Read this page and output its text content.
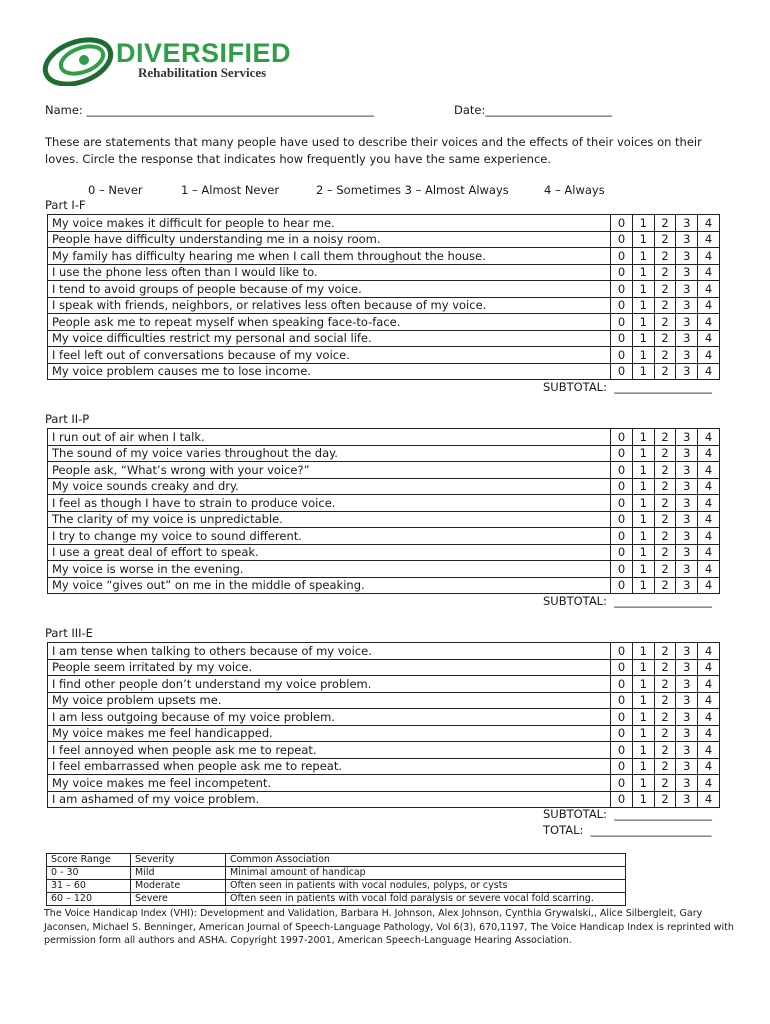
DIVERSIFIED
Rehabilitation Services
Name: __________________________________________________	Date:______________________
These are statements that many people have used to describe their voices and the effects of their voices on their loves. Circle the response that indicates how frequently you have the same experience.
0 – Never	1 – Almost Never	2 – Sometimes 3 – Almost Always	4 – Always
Part I-F
Part II-P
Part III-E
My voice makes it difficult for people to hear me.	0	1	2	3	4
People have difficulty understanding me in a noisy room.	0	1	2	3	4
My family has difficulty hearing me when I call them throughout the house.	0	1	2	3	4
I use the phone less often than I would like to.	0	1	2	3	4
I tend to avoid groups of people because of my voice.	0	1	2	3	4
I speak with friends, neighbors, or relatives less often because of my voice.	0	1	2	3	4
People ask me to repeat myself when speaking face-to-face.	0	1	2	3	4
My voice difficulties restrict my personal and social life.	0	1	2	3	4
I feel left out of conversations because of my voice.	0	1	2	3	4
My voice problem causes me to lose income.	0	1	2	3	4
I run out of air when I talk.	0	1	2	3	4
The sound of my voice varies throughout the day.	0	1	2	3	4
People ask, “What’s wrong with your voice?”	0	1	2	3	4
My voice sounds creaky and dry.	0	1	2	3	4
I feel as though I have to strain to produce voice.	0	1	2	3	4
The clarity of my voice is unpredictable.	0	1	2	3	4
I try to change my voice to sound different.	0	1	2	3	4
I use a great deal of effort to speak.	0	1	2	3	4
My voice is worse in the evening.	0	1	2	3	4
My voice “gives out” on me in the middle of speaking.	0	1	2	3	4
I am tense when talking to others because of my voice.	0	1	2	3	4
People seem irritated by my voice.	0	1	2	3	4
I find other people don’t understand my voice problem.	0	1	2	3	4
My voice problem upsets me.	0	1	2	3	4
I am less outgoing because of my voice problem.	0	1	2	3	4
My voice makes me feel handicapped.	0	1	2	3	4
I feel annoyed when people ask me to repeat.	0	1	2	3	4
I feel embarrassed when people ask me to repeat.	0	1	2	3	4
My voice makes me feel incompetent.	0	1	2	3	4
I am ashamed of my voice problem.	0	1	2	3	4
SUBTOTAL:  _________________
SUBTOTAL:  _________________
SUBTOTAL:  _________________
TOTAL:  _____________________
Score Range	Severity	Common Association
0 - 30	Mild	Minimal amount of handicap
31 – 60	Moderate	Often seen in patients with vocal nodules, polyps, or cysts
60 – 120	Severe	Often seen in patients with vocal fold paralysis or severe vocal fold scarring.
The Voice Handicap Index (VHI): Development and Validation, Barbara H. Johnson, Alex Johnson, Cynthia Grywalski,, Alice Silbergleit, Gary Jaconsen, Michael S. Benninger, American Journal of Speech-Language Pathology, Vol 6(3), 670,1197, The Voice Handicap Index is reprinted with permission form all authors and ASHA. Copyright 1997-2001, American Speech-Language Hearing Association.
